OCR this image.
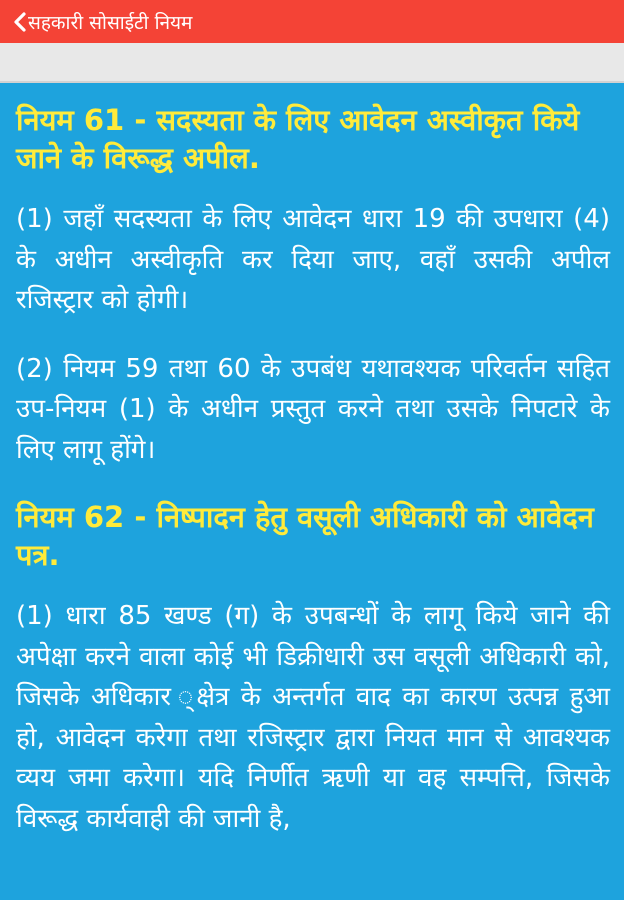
सहकारी सोसाईटी नियम
नियम 61 - सदस्यता के लिए आवेदन अस्वीकृत किये जाने के विरूद्ध अपील.

(1) जहाँ सदस्यता के लिए आवेदन धारा 19 की उपधारा (4) के अधीन अस्वीकृति कर दिया जाए, वहाँ उसकी अपील रजिस्ट्रार को होगी।

(2) नियम 59 तथा 60 के उपबंध यथावश्यक परिवर्तन सहित उप-नियम (1) के अधीन प्रस्तुत करने तथा उसके निपटारे के लिए लागू होंगे।

नियम 62 - निष्पादन हेतु वसूली अधिकारी को आवेदन पत्र.

(1) धारा 85 खण्ड (ग) के उपबन्धों के लागू किये जाने की अपेक्षा करने वाला कोई भी डिक्रीधारी उस वसूली अधिकारी को, जिसके अधिकार ्क्षेत्र के अन्तर्गत वाद का कारण उत्पन्न हुआ हो, आवेदन करेगा तथा रजिस्ट्रार द्वारा नियत मान से आवश्यक व्यय जमा करेगा। यदि निर्णीत ऋणी या वह सम्पत्ति, जिसके विरूद्ध कार्यवाही की जानी है,
